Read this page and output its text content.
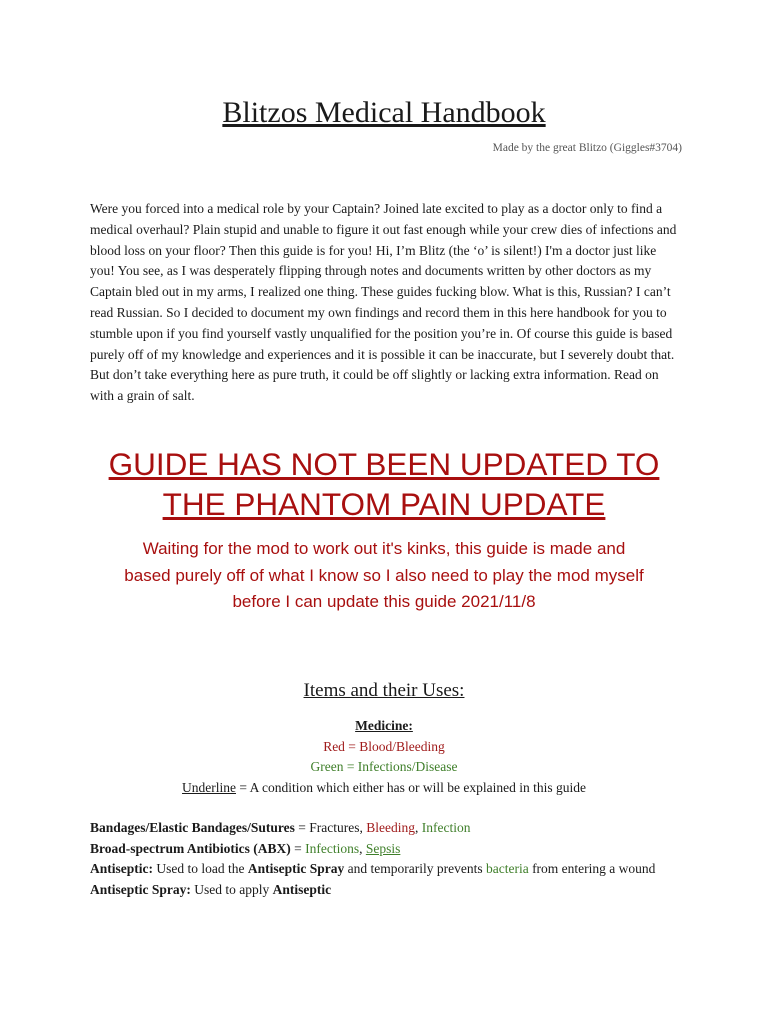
Blitzos Medical Handbook
Made by the great Blitzo (Giggles#3704)

Were you forced into a medical role by your Captain? Joined late excited to play as a doctor only to find a medical overhaul? Plain stupid and unable to figure it out fast enough while your crew dies of infections and blood loss on your floor? Then this guide is for you! Hi, I’m Blitz (the ‘o’ is silent!) I'm a doctor just like you! You see, as I was desperately flipping through notes and documents written by other doctors as my Captain bled out in my arms, I realized one thing. These guides fucking blow. What is this, Russian? I can’t read Russian. So I decided to document my own findings and record them in this here handbook for you to stumble upon if you find yourself vastly unqualified for the position you’re in. Of course this guide is based purely off of my knowledge and experiences and it is possible it can be inaccurate, but I severely doubt that. But don’t take everything here as pure truth, it could be off slightly or lacking extra information. Read on with a grain of salt.

GUIDE HAS NOT BEEN UPDATED TO
THE PHANTOM PAIN UPDATE

Waiting for the mod to work out it's kinks, this guide is made and
based purely off of what I know so I also need to play the mod myself
before I can update this guide 2021/11/8

Items and their Uses:
Medicine:
Red = Blood/Bleeding
Green = Infections/Disease
Underline = A condition which either has or will be explained in this guide
Bandages/Elastic Bandages/Sutures = Fractures, Bleeding, Infection
Broad-spectrum Antibiotics (ABX) = Infections, Sepsis
Antiseptic: Used to load the Antiseptic Spray and temporarily prevents bacteria from entering a wound
Antiseptic Spray: Used to apply Antiseptic
